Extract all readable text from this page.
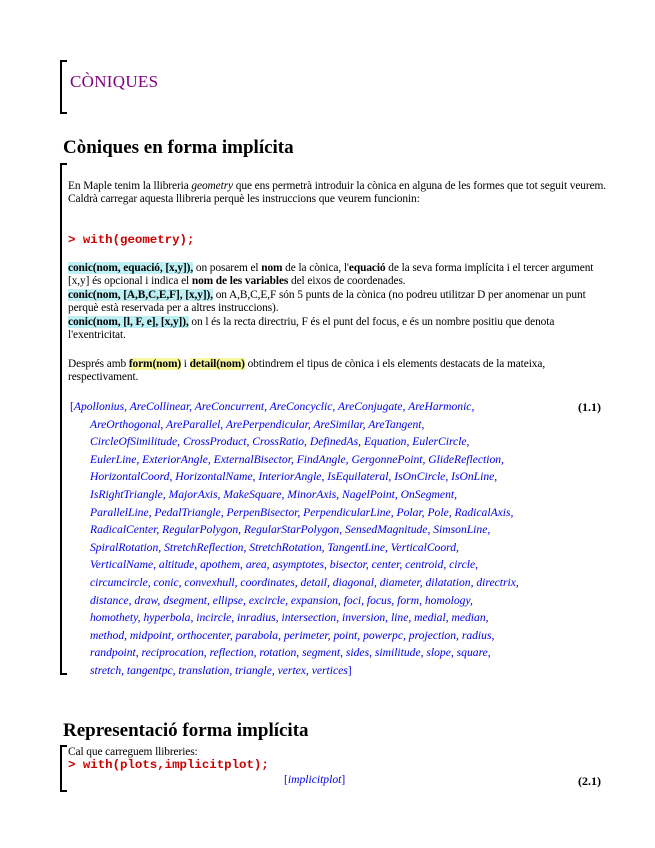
CÒNIQUES
Còniques en forma implícita
En Maple tenim la llibreria geometry que ens permetrà introduir la cònica en alguna de les formes que tot seguit veurem.
Caldrà carregar aquesta llibreria perquè les instruccions que veurem funcionin:
> with(geometry);
conic(nom, equació, [x,y]), on posarem el nom de la cònica, l'equació de la seva forma implícita i el tercer argument [x,y] és opcional i indica el nom de les variables del eixos de coordenades.
conic(nom, [A,B,C,E,F], [x,y]), on A,B,C,E,F són 5 punts de la cònica (no podreu utilitzar D per anomenar un punt perquè està reservada per a altres instruccions).
conic(nom, [l, F, e], [x,y]), on l és la recta directriu, F és el punt del focus, e és un nombre positiu que denota l'exentricitat.
Després amb form(nom) i detail(nom) obtindrem el tipus de cònica i els elements destacats de la mateixa, respectivament.
[Apollonius, AreCollinear, AreConcurrent, AreConcyclic, AreConjugate, AreHarmonic,
AreOrthogonal, AreParallel, ArePerpendicular, AreSimilar, AreTangent,
CircleOfSimilitude, CrossProduct, CrossRatio, DefinedAs, Equation, EulerCircle,
EulerLine, ExteriorAngle, ExternalBisector, FindAngle, GergonnePoint, GlideReflection,
HorizontalCoord, HorizontalName, InteriorAngle, IsEquilateral, IsOnCircle, IsOnLine,
IsRightTriangle, MajorAxis, MakeSquare, MinorAxis, NagelPoint, OnSegment,
ParallelLine, PedalTriangle, PerpenBisector, PerpendicularLine, Polar, Pole, RadicalAxis,
RadicalCenter, RegularPolygon, RegularStarPolygon, SensedMagnitude, SimsonLine,
SpiralRotation, StretchReflection, StretchRotation, TangentLine, VerticalCoord,
VerticalName, altitude, apothem, area, asymptotes, bisector, center, centroid, circle,
circumcircle, conic, convexhull, coordinates, detail, diagonal, diameter, dilatation, directrix,
distance, draw, dsegment, ellipse, excircle, expansion, foci, focus, form, homology,
homothety, hyperbola, incircle, inradius, intersection, inversion, line, medial, median,
method, midpoint, orthocenter, parabola, perimeter, point, powerpc, projection, radius,
randpoint, reciprocation, reflection, rotation, segment, sides, similitude, slope, square,
stretch, tangentpc, translation, triangle, vertex, vertices]
(1.1)
Representació forma implícita
Cal que carreguem llibreries:
> with(plots,implicitplot);
[implicitplot]	(2.1)
